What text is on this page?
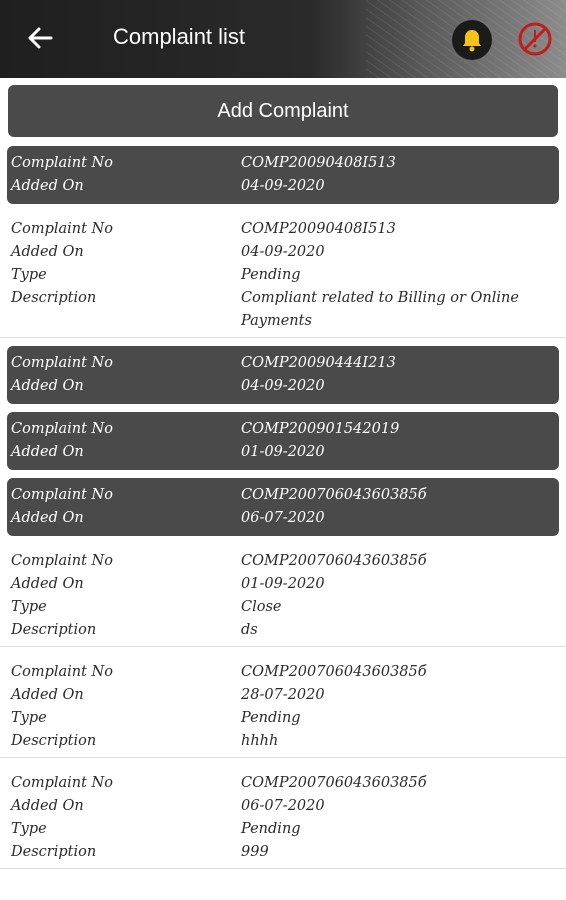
Complaint list
Add Complaint
Complaint No	COMP20090408I513
Added On	04-09-2020
Complaint No	COMP20090408I513
Added On	04-09-2020
Type	Pending
Description	Compliant related to Billing or Online Payments
Complaint No	COMP20090444I213
Added On	04-09-2020
Complaint No	COMP200901542019
Added On	01-09-2020
Complaint No	COMP20070604360385б
Added On	06-07-2020
Complaint No	COMP20070604360385б
Added On	01-09-2020
Type	Close
Description	ds
Complaint No	COMP20070604360385б
Added On	28-07-2020
Type	Pending
Description	hhhh
Complaint No	COMP20070604360385б
Added On	06-07-2020
Type	Pending
Description	999
